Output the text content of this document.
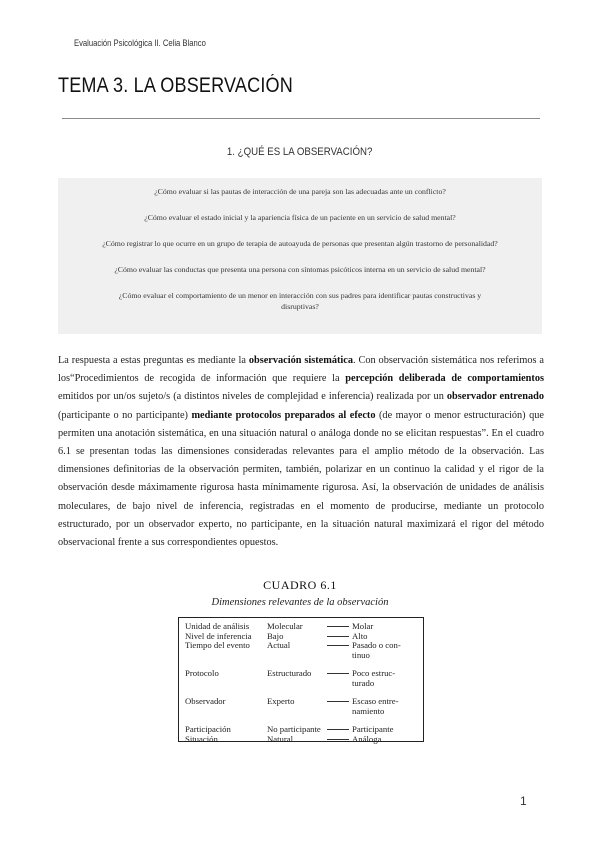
Evaluación Psicológica II. Celia Blanco
TEMA 3. LA OBSERVACIÓN
1. ¿QUÉ ES LA OBSERVACIÓN?

¿Cómo evaluar si las pautas de interacción de una pareja son las adecuadas ante un conflicto?

¿Cómo evaluar el estado inicial y la apariencia física de un paciente en un servicio de salud mental?

¿Cómo registrar lo que ocurre en un grupo de terapia de autoayuda de personas que presentan algún trastorno de personalidad?

¿Cómo evaluar las conductas que presenta una persona con síntomas psicóticos interna en un servicio de salud mental?

¿Cómo evaluar el comportamiento de un menor en interacción con sus padres para identificar pautas constructivas y disruptivas?

La respuesta a estas preguntas es mediante la observación sistemática. Con observación sistemática nos referimos a los“Procedimientos de recogida de información que requiere la percepción deliberada de comportamientos emitidos por un/os sujeto/s (a distintos niveles de complejidad e inferencia) realizada por un observador entrenado (participante o no participante) mediante protocolos preparados al efecto (de mayor o menor estructuración) que permiten una anotación sistemática, en una situación natural o análoga donde no se elicitan respuestas”. En el cuadro 6.1 se presentan todas las dimensiones consideradas relevantes para el amplio método de la observación. Las dimensiones definitorias de la observación permiten, también, polarizar en un continuo la calidad y el rigor de la observación desde máximamente rigurosa hasta mínimamente rigurosa. Así, la observación de unidades de análisis moleculares, de bajo nivel de inferencia, registradas en el momento de producirse, mediante un protocolo estructurado, por un observador experto, no participante, en la situación natural maximizará el rigor del método observacional frente a sus correspondientes opuestos.

CUADRO 6.1
Dimensiones relevantes de la observación
Unidad de análisis	Molecular		Molar
Nivel de inferencia	Bajo		Alto
Tiempo del evento	Actual		Pasado o con-
			tinuo
Protocolo	Estructurado		Poco estruc-
			turado
Observador	Experto		Escaso entre-
			namiento
Participación	No participante		Participante
Situación	Natural		Análoga
1
